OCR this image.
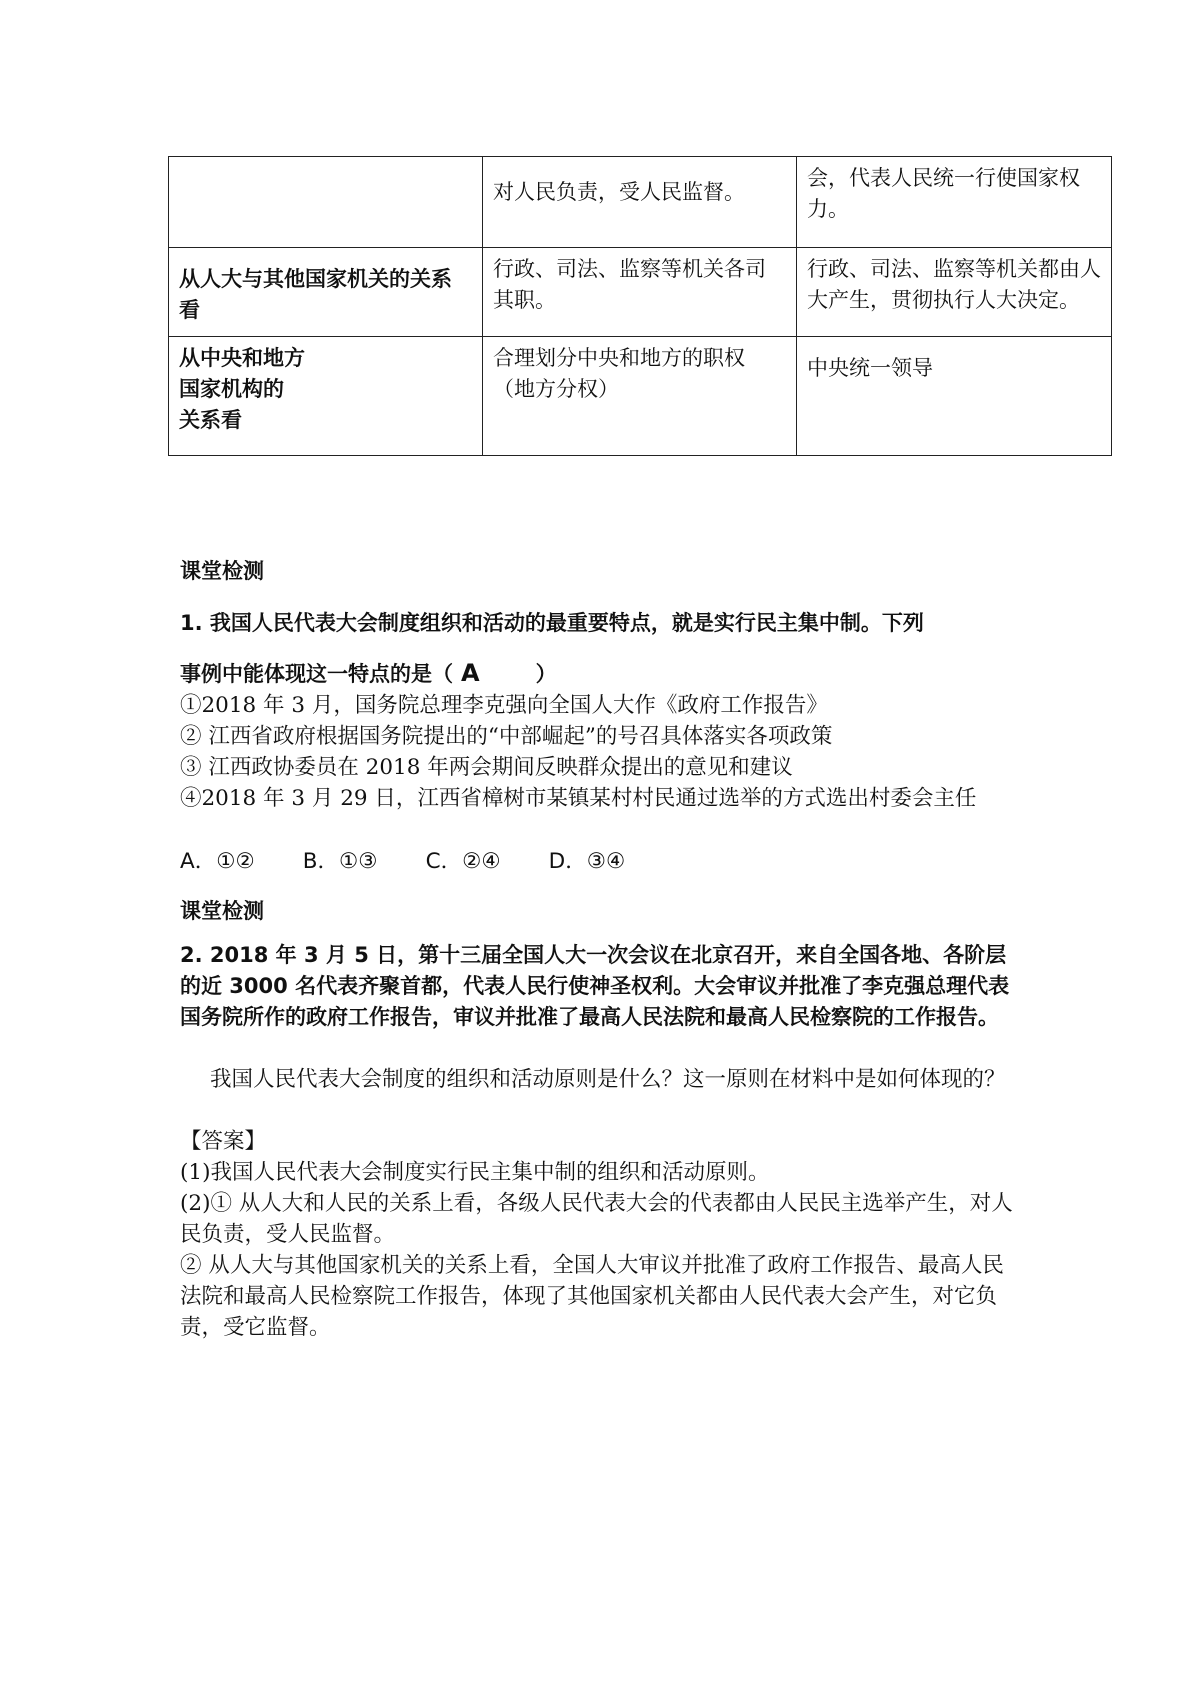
	对人民负责，受人民监督。	会，代表人民统一行使国家权力。

从人大与其他国家机关的关系看	行政、司法、监察等机关各司其职。	行政、司法、监察等机关都由人大产生，贯彻执行人大决定。

从中央和地方
国家机构的
关系看	合理划分中央和地方的职权（地方分权）	中央统一领导
课堂检测
1. 我国人民代表大会制度组织和活动的最重要特点，就是实行民主集中制。下列
事例中能体现这一特点的是（ A	）
①2018 年 3 月，国务院总理李克强向全国人大作《政府工作报告》
② 江西省政府根据国务院提出的“中部崛起”的号召具体落实各项政策
③ 江西政协委员在 2018 年两会期间反映群众提出的意见和建议
④2018 年 3 月 29 日，江西省樟树市某镇某村村民通过选举的方式选出村委会主任
A．①② B．①③ C．②④ D．③④
课堂检测
2. 2018 年 3 月 5 日，第十三届全国人大一次会议在北京召开，来自全国各地、各阶层的近 3000 名代表齐聚首都，代表人民行使神圣权利。大会审议并批准了李克强总理代表国务院所作的政府工作报告，审议并批准了最高人民法院和最高人民检察院的工作报告。
我国人民代表大会制度的组织和活动原则是什么？这一原则在材料中是如何体现的？
【答案】
(1)我国人民代表大会制度实行民主集中制的组织和活动原则。
(2)① 从人大和人民的关系上看，各级人民代表大会的代表都由人民民主选举产生，对人民负责，受人民监督。
② 从人大与其他国家机关的关系上看，全国人大审议并批准了政府工作报告、最高人民法院和最高人民检察院工作报告，体现了其他国家机关都由人民代表大会产生，对它负责，受它监督。
